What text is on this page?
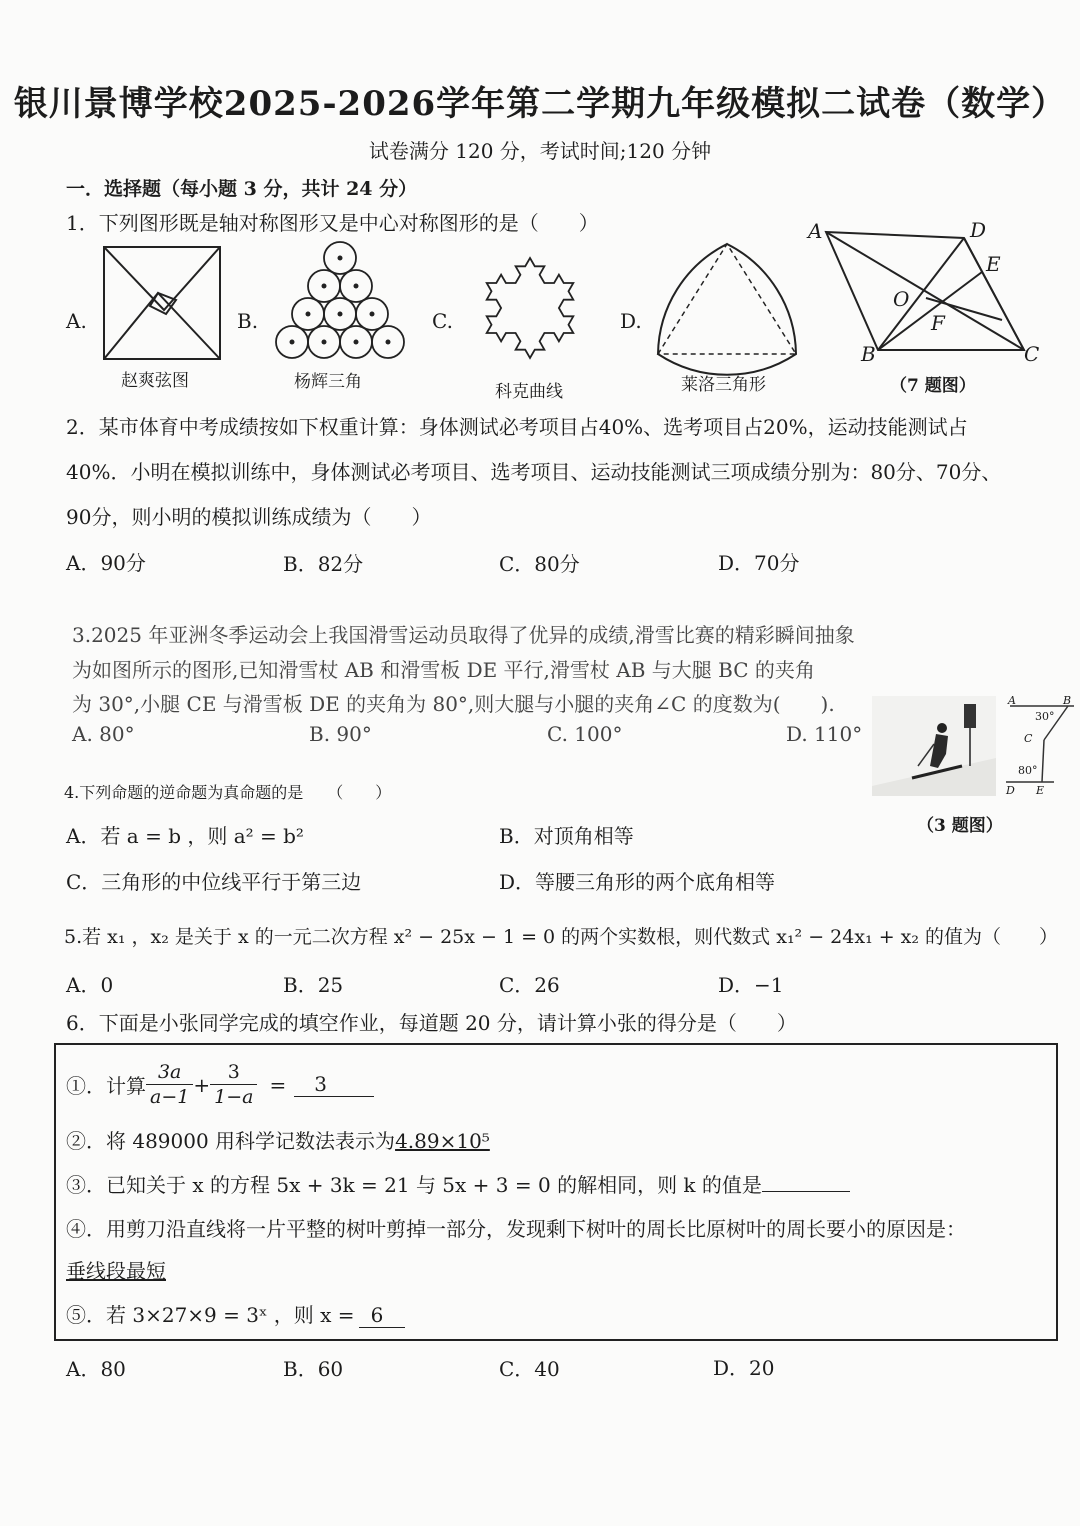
银川景博学校2025-2026学年第二学期九年级模拟二试卷（数学）
试卷满分 120 分，考试时间;120 分钟
一．选择题（每小题 3 分，共计 24 分）
1．下列图形既是轴对称图形又是中心对称图形的是（　　）
A.
赵爽弦图
B.
杨辉三角
C.
科克曲线
D.
莱洛三角形
A	D
E
O
F
B	C
（7 题图）
2．某市体育中考成绩按如下权重计算：身体测试必考项目占40%、选考项目占20%，运动技能测试占
40%．小明在模拟训练中，身体测试必考项目、选考项目、运动技能测试三项成绩分别为：80分、70分、
90分，则小明的模拟训练成绩为（　　）
A．90分	B．82分	C．80分	D．70分
3.2025 年亚洲冬季运动会上我国滑雪运动员取得了优异的成绩,滑雪比赛的精彩瞬间抽象
为如图所示的图形,已知滑雪杖 AB 和滑雪板 DE 平行,滑雪杖 AB 与大腿 BC 的夹角
为 30°,小腿 CE 与滑雪板 DE 的夹角为 80°,则大腿与小腿的夹角∠C 的度数为(　　).
A. 80°	B. 90°	C. 100°	D. 110°
A	B
30°
C
80°
D E
（3 题图）
4.下列命题的逆命题为真命题的是　　（　　）
A．若 a = b ，则 a² = b²	B．对顶角相等
C．三角形的中位线平行于第三边	D．等腰三角形的两个底角相等
5.若 x₁ ，x₂ 是关于 x 的一元二次方程 x² − 25x − 1 = 0 的两个实数根，则代数式 x₁² − 24x₁ + x₂ 的值为（　　）
A．0	B．25	C．26	D．−1
6．下面是小张同学完成的填空作业，每道题 20 分，请计算小张的得分是（　　）
①．计算 $\frac{3a}{a-1} + \frac{3}{1-a}$ =	3
②．将 489000 用科学记数法表示为4.89×10⁵
③．已知关于 x 的方程 5x + 3k = 21 与 5x + 3 = 0 的解相同，则 k 的值是
④．用剪刀沿直线将一片平整的树叶剪掉一部分，发现剩下树叶的周长比原树叶的周长要小的原因是：
垂线段最短
⑤．若 3×27×9 = 3ˣ ，则 x = 6
A．80	B．60	C．40	D．20
